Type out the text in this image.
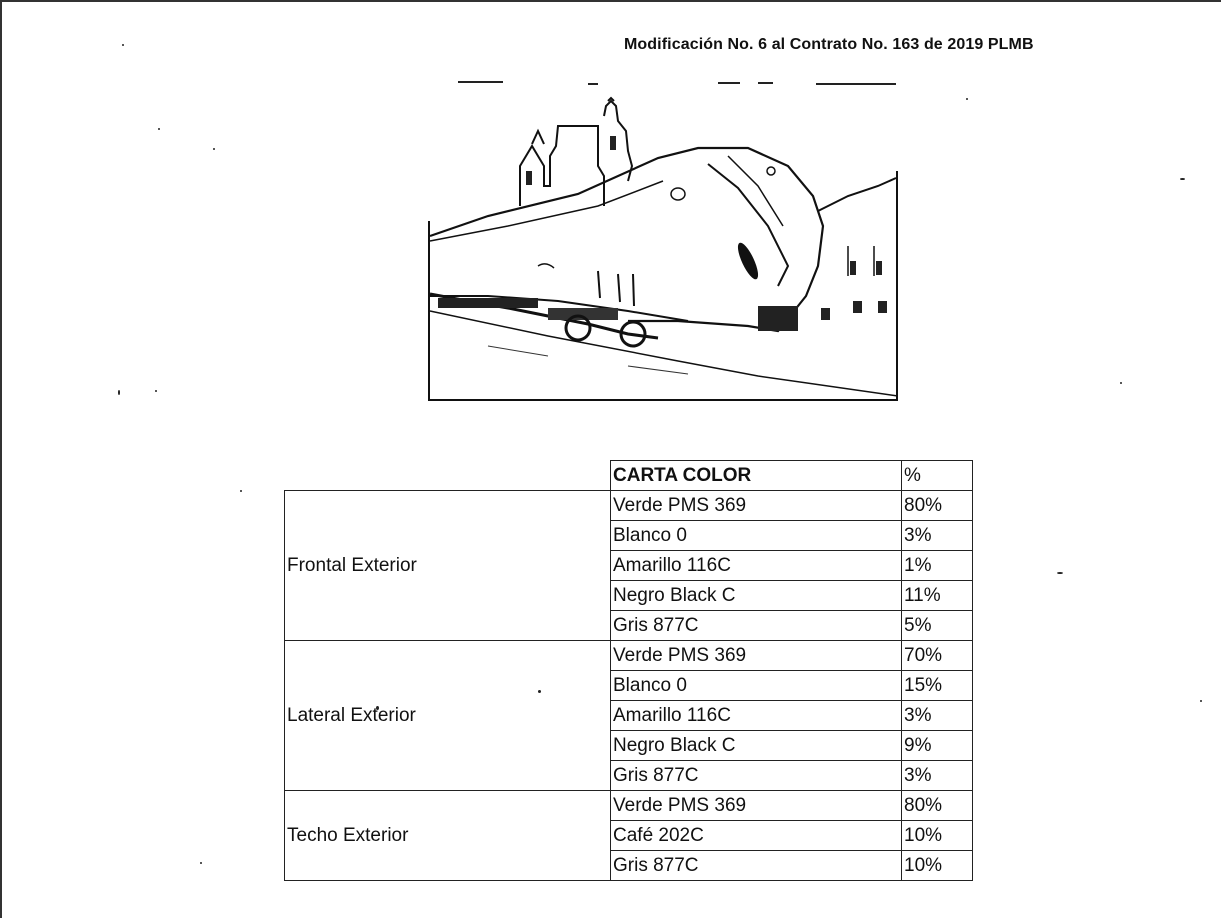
Modificación No. 6 al Contrato No. 163 de 2019 PLMB
	CARTA COLOR	%
Frontal Exterior	Verde PMS 369	80%
	Blanco 0	3%
	Amarillo 116C	1%
	Negro Black C	11%
	Gris 877C	5%
Lateral Exterior	Verde PMS 369	70%
	Blanco 0	15%
	Amarillo 116C	3%
	Negro Black C	9%
	Gris 877C	3%
Techo Exterior	Verde PMS 369	80%
	Café 202C	10%
	Gris 877C	10%
